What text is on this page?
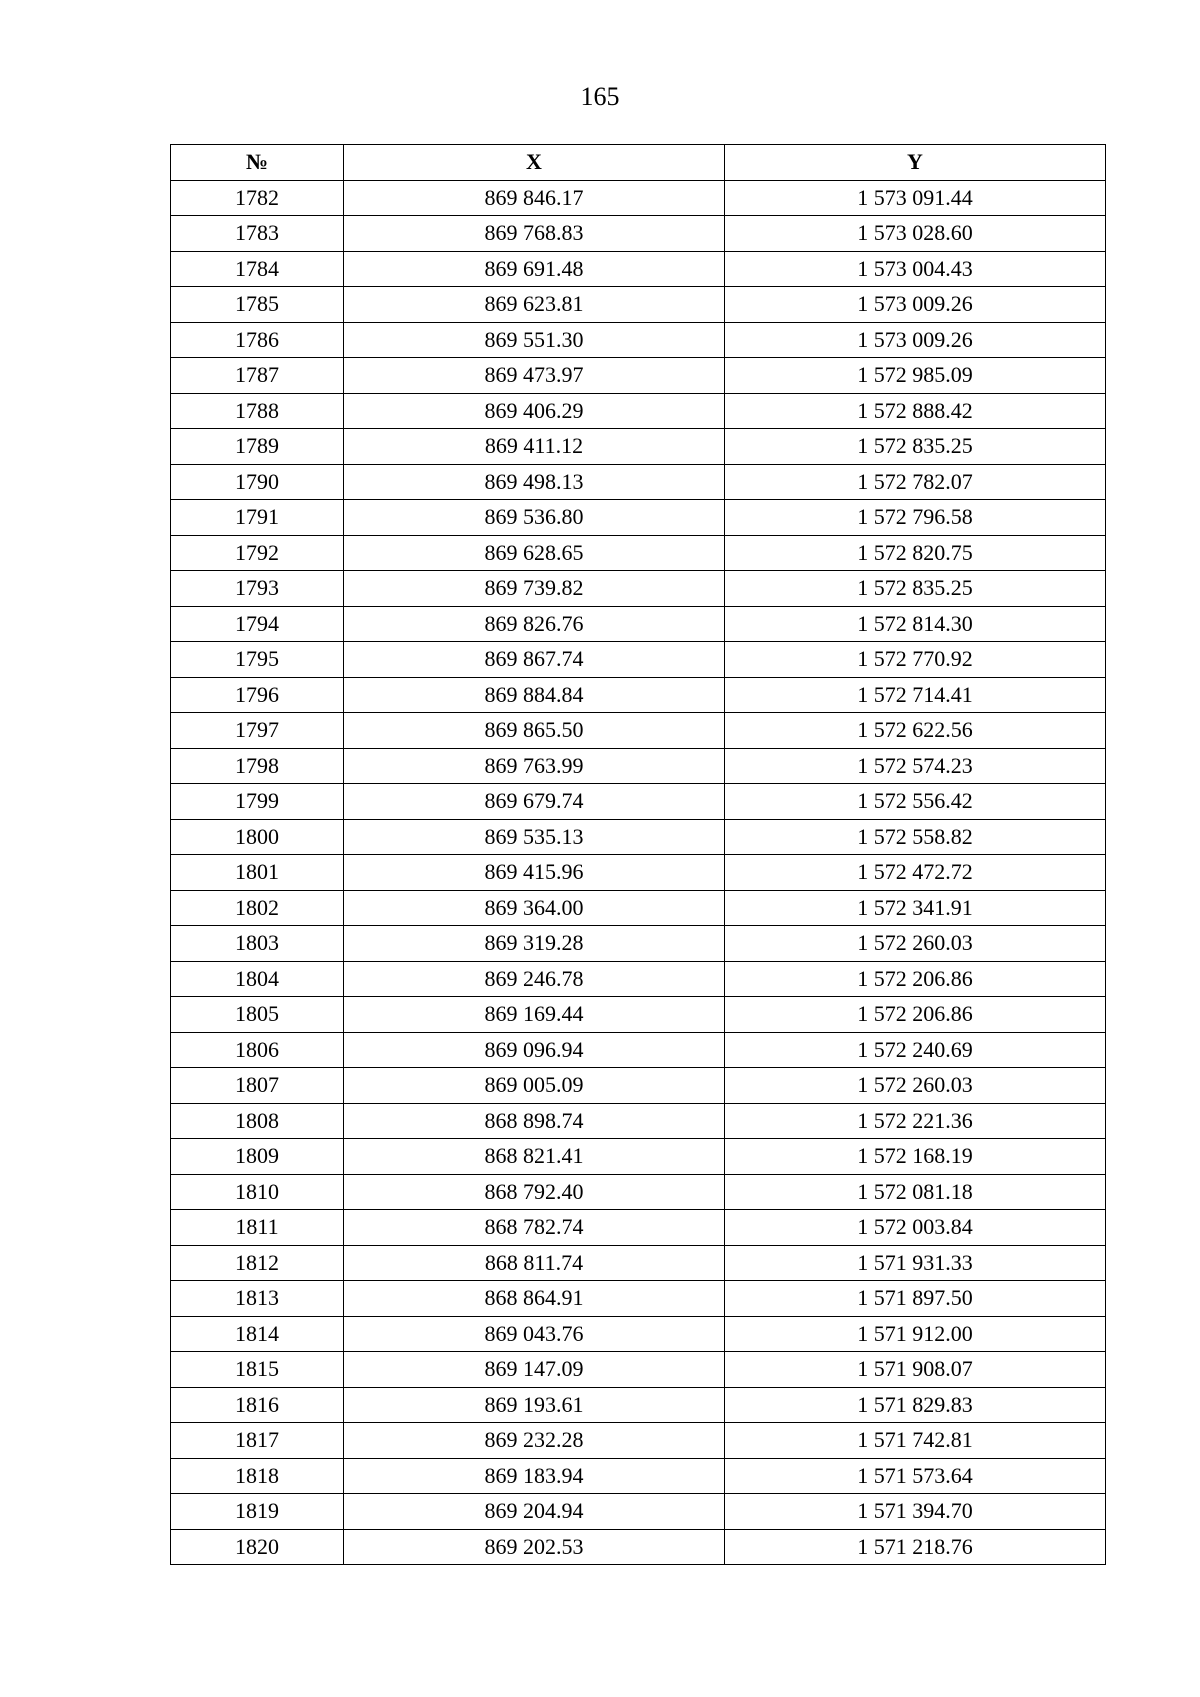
165
№	X	Y
1782	869 846.17	1 573 091.44
1783	869 768.83	1 573 028.60
1784	869 691.48	1 573 004.43
1785	869 623.81	1 573 009.26
1786	869 551.30	1 573 009.26
1787	869 473.97	1 572 985.09
1788	869 406.29	1 572 888.42
1789	869 411.12	1 572 835.25
1790	869 498.13	1 572 782.07
1791	869 536.80	1 572 796.58
1792	869 628.65	1 572 820.75
1793	869 739.82	1 572 835.25
1794	869 826.76	1 572 814.30
1795	869 867.74	1 572 770.92
1796	869 884.84	1 572 714.41
1797	869 865.50	1 572 622.56
1798	869 763.99	1 572 574.23
1799	869 679.74	1 572 556.42
1800	869 535.13	1 572 558.82
1801	869 415.96	1 572 472.72
1802	869 364.00	1 572 341.91
1803	869 319.28	1 572 260.03
1804	869 246.78	1 572 206.86
1805	869 169.44	1 572 206.86
1806	869 096.94	1 572 240.69
1807	869 005.09	1 572 260.03
1808	868 898.74	1 572 221.36
1809	868 821.41	1 572 168.19
1810	868 792.40	1 572 081.18
1811	868 782.74	1 572 003.84
1812	868 811.74	1 571 931.33
1813	868 864.91	1 571 897.50
1814	869 043.76	1 571 912.00
1815	869 147.09	1 571 908.07
1816	869 193.61	1 571 829.83
1817	869 232.28	1 571 742.81
1818	869 183.94	1 571 573.64
1819	869 204.94	1 571 394.70
1820	869 202.53	1 571 218.76
